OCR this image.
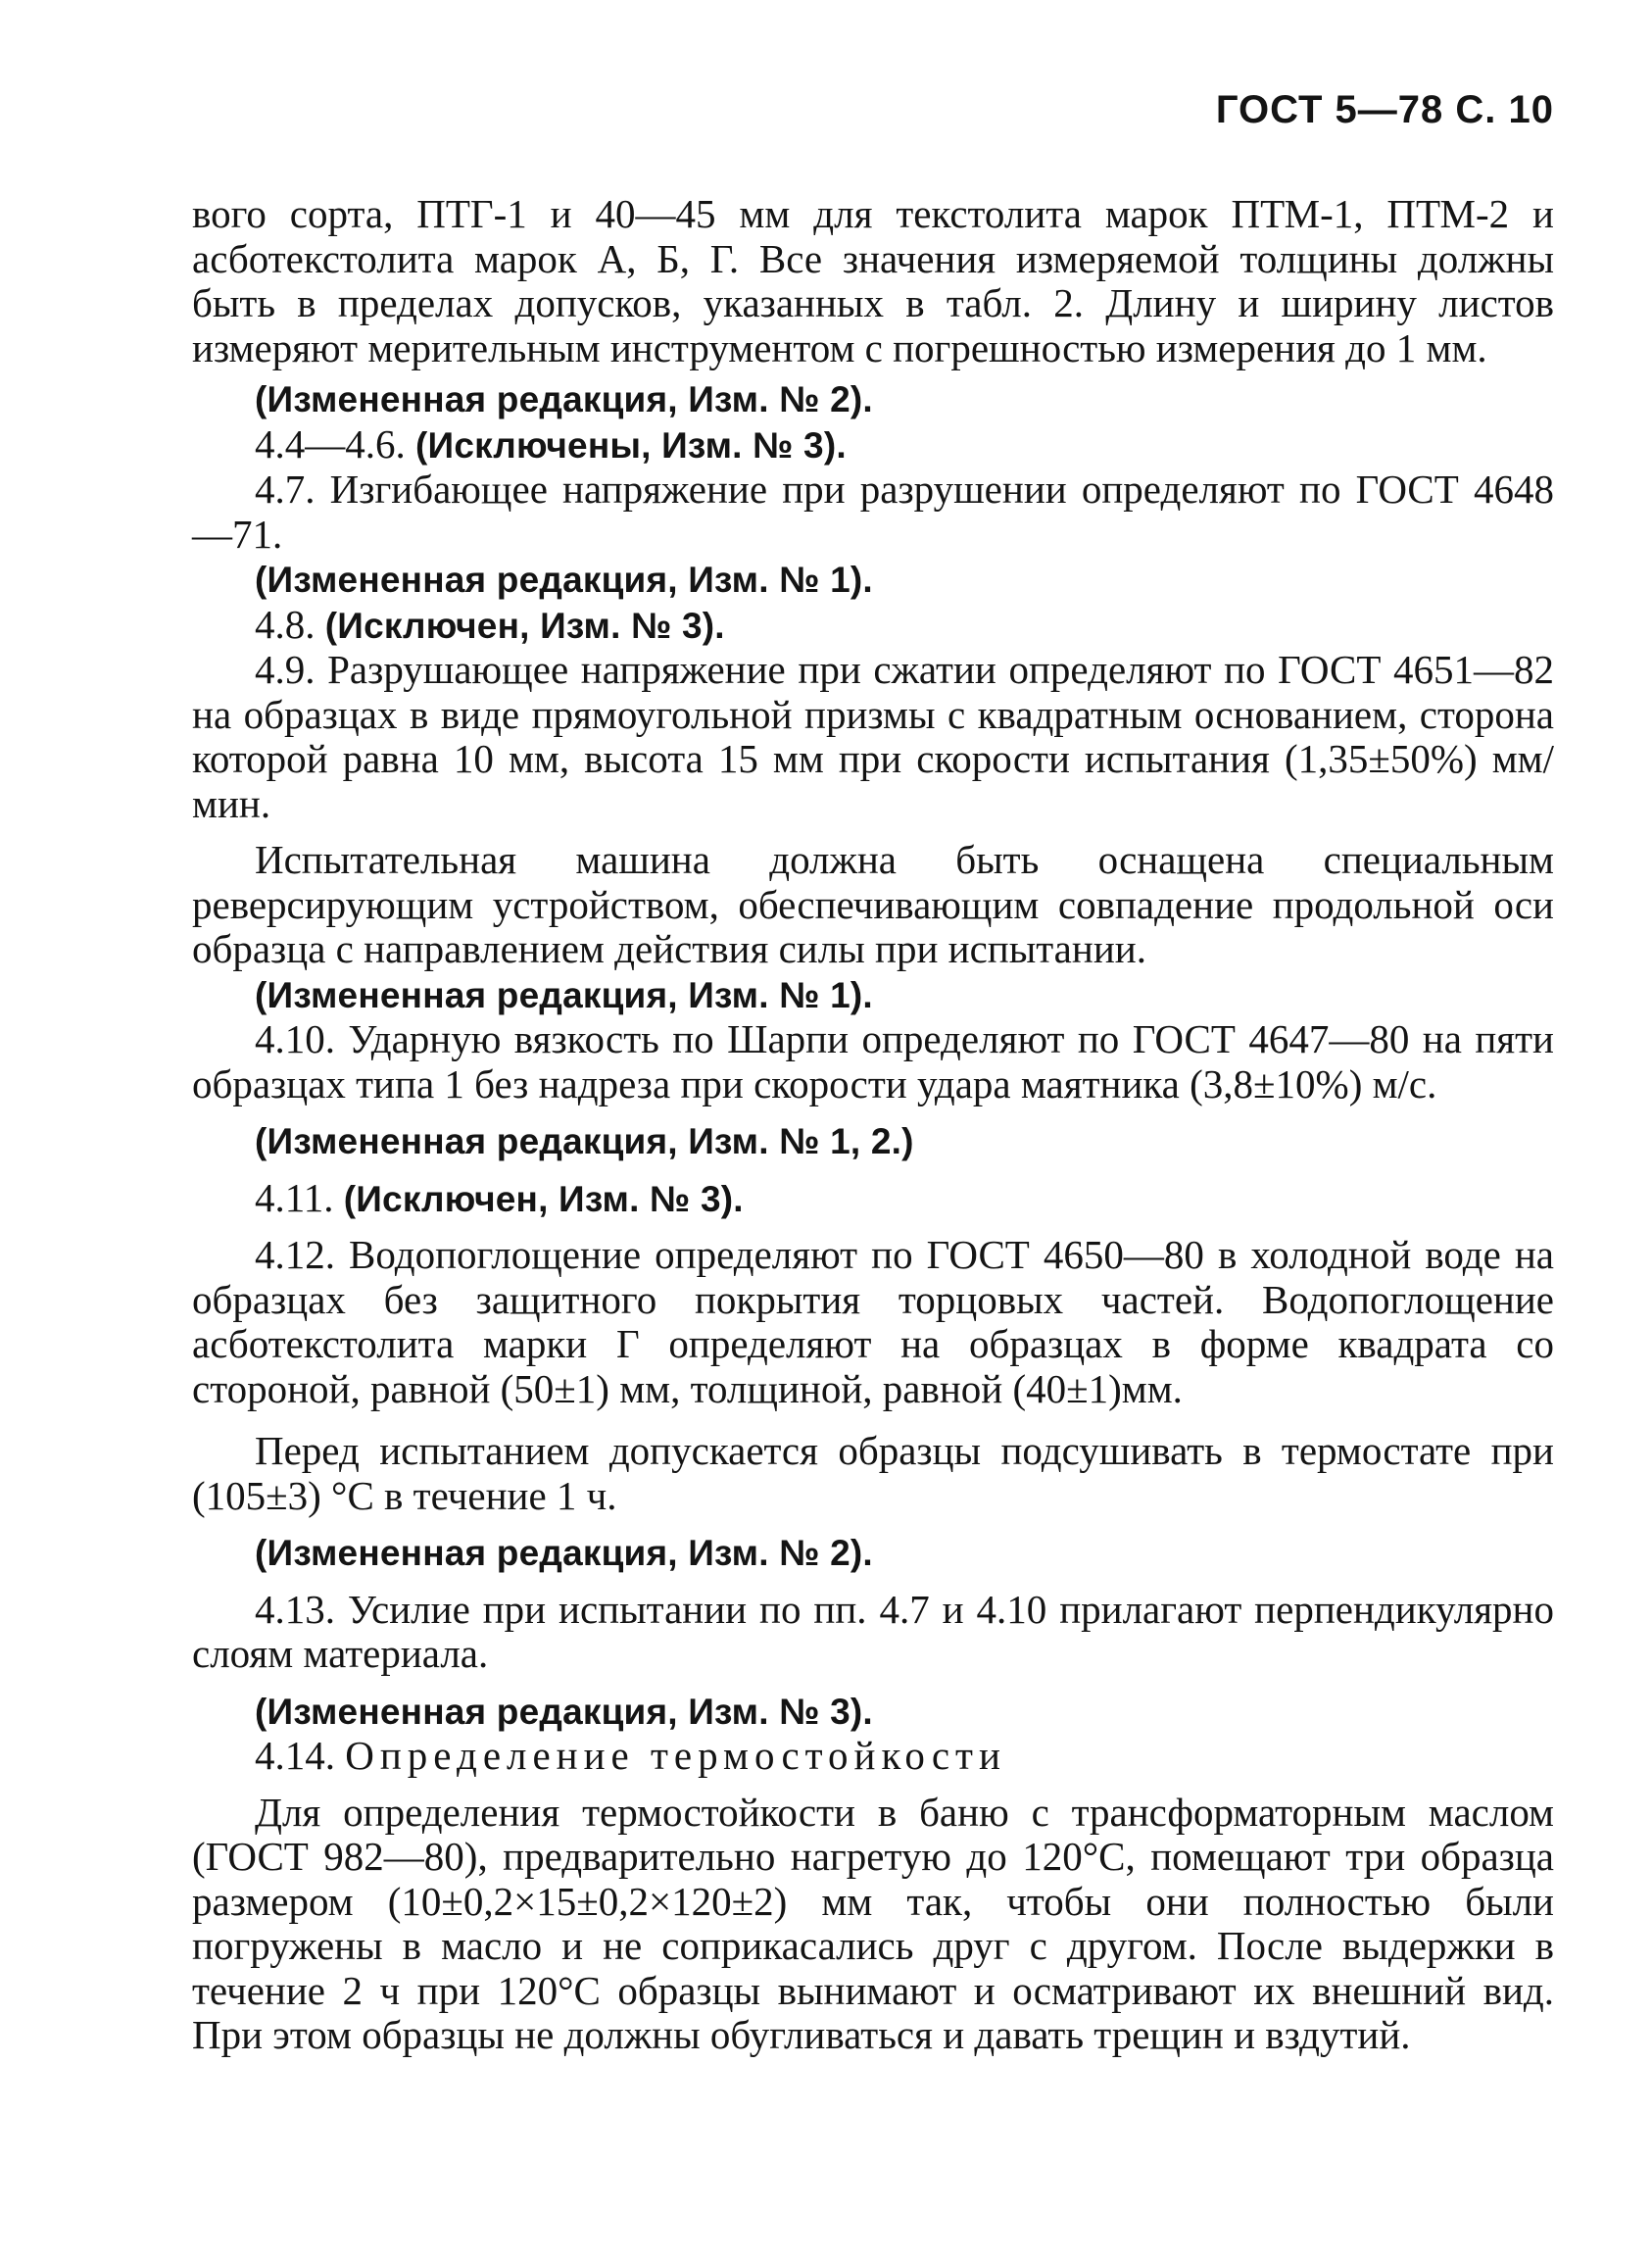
ГОСТ 5—78 С. 10

вого сорта, ПТГ-1 и 40—45 мм для текстолита марок ПТМ-1, ПТМ-2 и асботекстолита марок А, Б, Г. Все значения измеряемой толщины должны быть в пределах допусков, указанных в табл. 2. Длину и ширину листов измеряют мерительным инструментом с погрешностью измерения до 1 мм.

(Измененная редакция, Изм. № 2).

4.4—4.6. (Исключены, Изм. № 3).

4.7. Изгибающее напряжение при разрушении определяют по ГОСТ 4648—71.

(Измененная редакция, Изм. № 1).

4.8. (Исключен, Изм. № 3).

4.9. Разрушающее напряжение при сжатии определяют по ГОСТ 4651—82 на образцах в виде прямоугольной призмы с квадратным основанием, сторона которой равна 10 мм, высота 15 мм при скорости испытания (1,35±50%) мм/мин.

Испытательная машина должна быть оснащена специальным реверсирующим устройством, обеспечивающим совпадение продольной оси образца с направлением действия силы при испытании.

(Измененная редакция, Изм. № 1).

4.10. Ударную вязкость по Шарпи определяют по ГОСТ 4647—80 на пяти образцах типа 1 без надреза при скорости удара маятника (3,8±10%) м/с.

(Измененная редакция, Изм. № 1, 2.)

4.11. (Исключен, Изм. № 3).

4.12. Водопоглощение определяют по ГОСТ 4650—80 в холодной воде на образцах без защитного покрытия торцовых частей. Водопоглощение асботекстолита марки Г определяют на образцах в форме квадрата со стороной, равной (50±1) мм, толщиной, равной (40±1)мм.

Перед испытанием допускается образцы подсушивать в термостате при (105±3) °С в течение 1 ч.

(Измененная редакция, Изм. № 2).

4.13. Усилие при испытании по пп. 4.7 и 4.10 прилагают перпендикулярно слоям материала.

(Измененная редакция, Изм. № 3).

4.14. Определение термостойкости

Для определения термостойкости в баню с трансформаторным маслом (ГОСТ 982—80), предварительно нагретую до 120°С, помещают три образца размером (10±0,2×15±0,2×120±2) мм так, чтобы они полностью были погружены в масло и не соприкасались друг с другом. После выдержки в течение 2 ч при 120°С образцы вынимают и осматривают их внешний вид. При этом образцы не должны обугливаться и давать трещин и вздутий.
